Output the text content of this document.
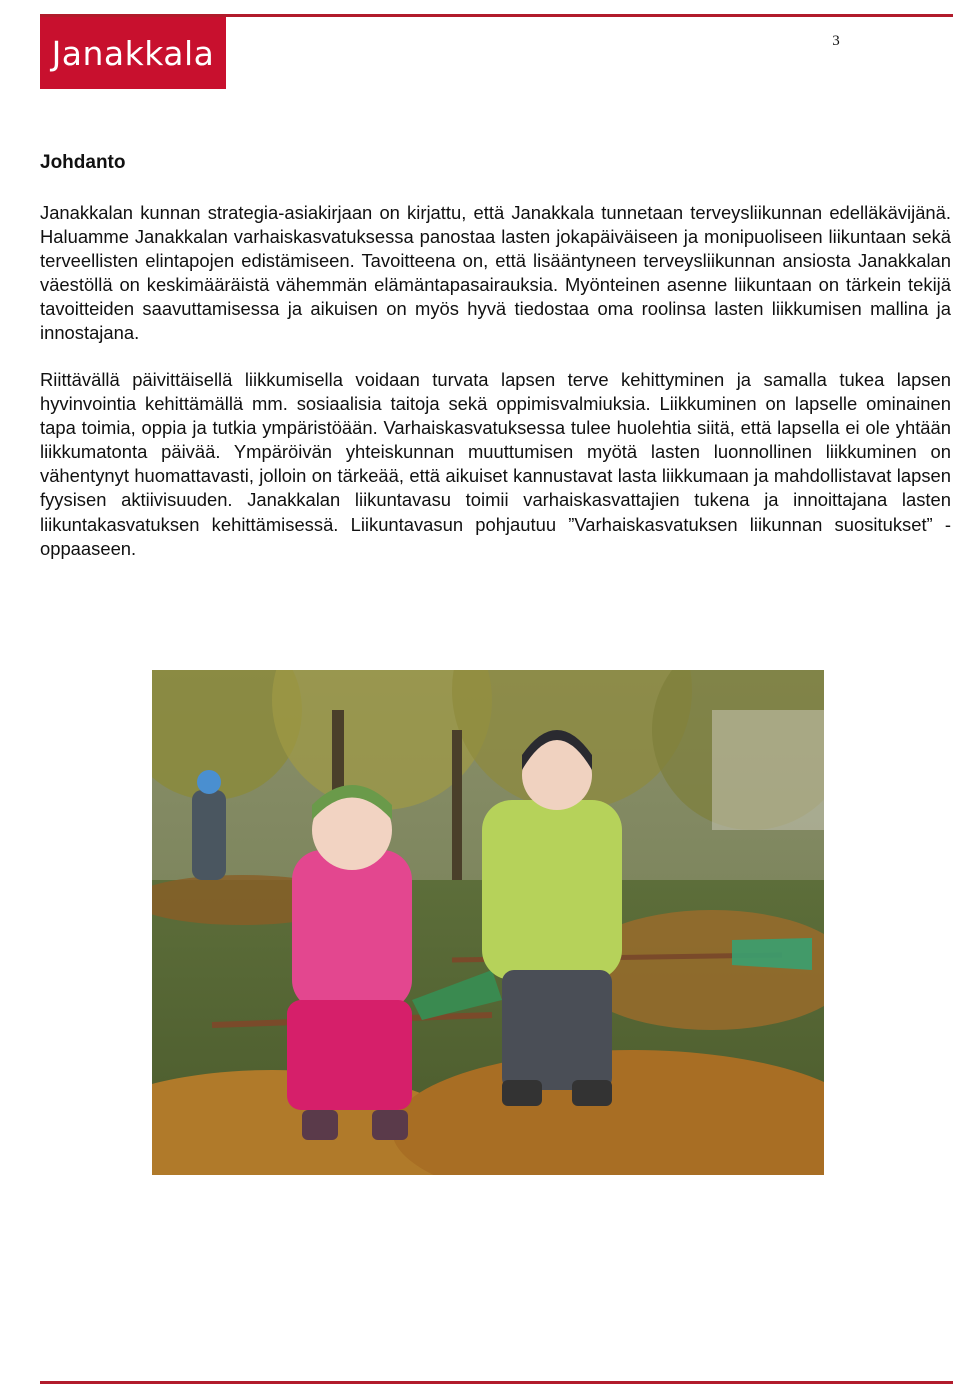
Janakkala	3
Johdanto

Janakkalan kunnan strategia-asiakirjaan on kirjattu, että Janakkala tunnetaan terveysliikunnan edelläkävijänä. Haluamme Janakkalan varhaiskasvatuksessa panostaa lasten jokapäiväiseen ja monipuoliseen liikuntaan sekä terveellisten elintapojen edistämiseen. Tavoitteena on, että lisääntyneen terveysliikunnan ansiosta Janakkalan väestöllä on keskimääräistä vähemmän elämäntapasairauksia. Myönteinen asenne liikuntaan on tärkein tekijä tavoitteiden saavuttamisessa ja aikuisen on myös hyvä tiedostaa oma roolinsa lasten liikkumisen mallina ja innostajana.

Riittävällä päivittäisellä liikkumisella voidaan turvata lapsen terve kehittyminen ja samalla tukea lapsen hyvinvointia kehittämällä mm. sosiaalisia taitoja sekä oppimisvalmiuksia. Liikkuminen on lapselle ominainen tapa toimia, oppia ja tutkia ympäristöään. Varhaiskasvatuksessa tulee huolehtia siitä, että lapsella ei ole yhtään liikkumatonta päivää. Ympäröivän yhteiskunnan muuttumisen myötä lasten luonnollinen liikkuminen on vähentynyt huomattavasti, jolloin on tärkeää, että aikuiset kannustavat lasta liikkumaan ja mahdollistavat lapsen fyysisen aktiivisuuden. Janakkalan liikuntavasu toimii varhaiskasvattajien tukena ja innoittajana lasten liikuntakasvatuksen kehittämisessä. Liikuntavasun pohjautuu ”Varhaiskasvatuksen liikunnan suositukset” -oppaaseen.
